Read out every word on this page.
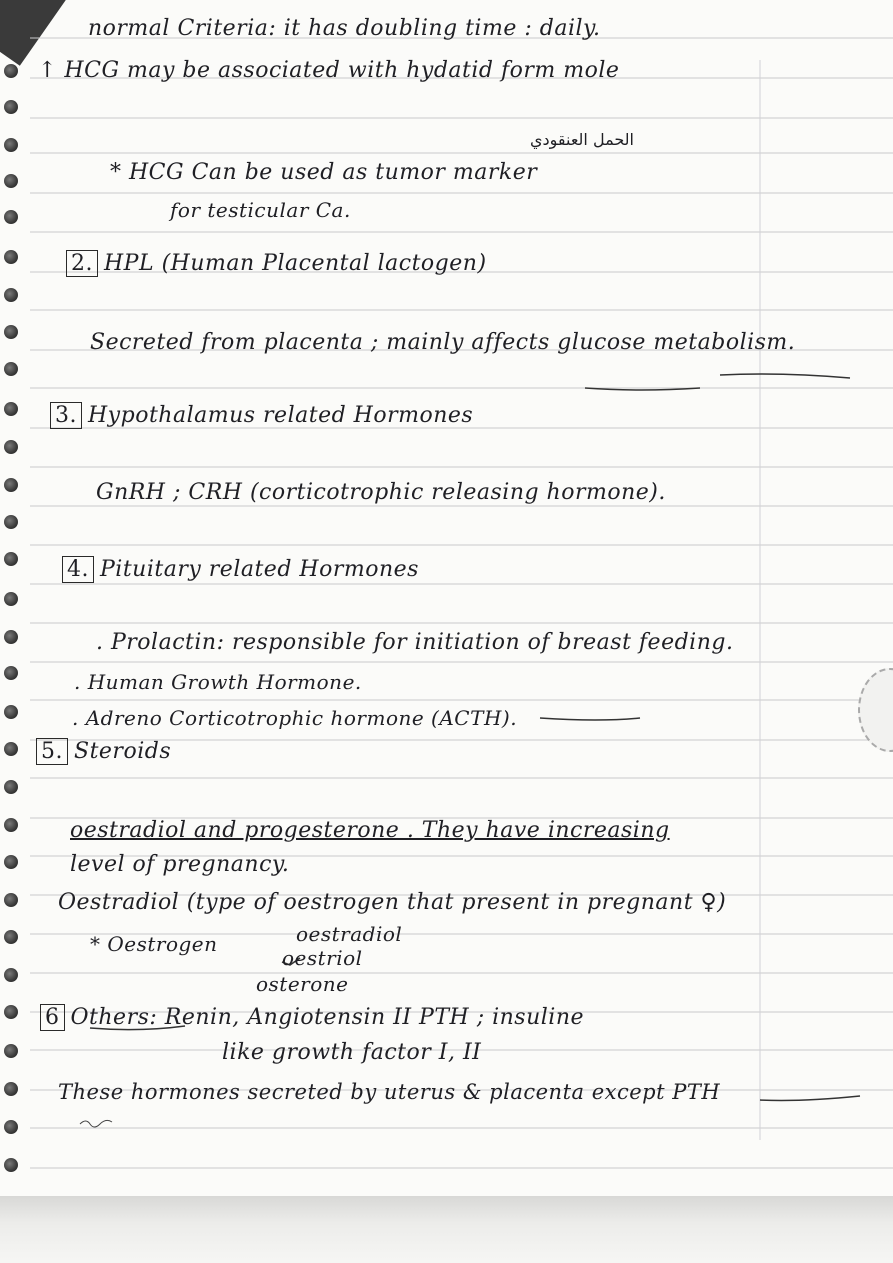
normal Criteria: it has doubling time : daily.
↑ HCG may be associated with hydatid form mole
الحمل العنقودي
* HCG Can be used as tumor marker
for testicular Ca.
2. HPL (Human Placental lactogen)
Secreted from placenta ; mainly affects glucose metabolism.
3. Hypothalamus related Hormones
GnRH ; CRH (corticotrophic releasing hormone).
4. Pituitary related Hormones
. Prolactin: responsible for initiation of breast feeding.
. Human Growth Hormone.
. Adreno Corticotrophic hormone (ACTH).
5. Steroids
oestradiol and progesterone . They have increasing
level of pregnancy.
Oestradiol (type of oestrogen that present in pregnant ♀)
* Oestrogen	oestradiol
oestriol
osterone
6 Others: Renin, Angiotensin II PTH ; insuline
like growth factor I, II
These hormones secreted by uterus & placenta except PTH
